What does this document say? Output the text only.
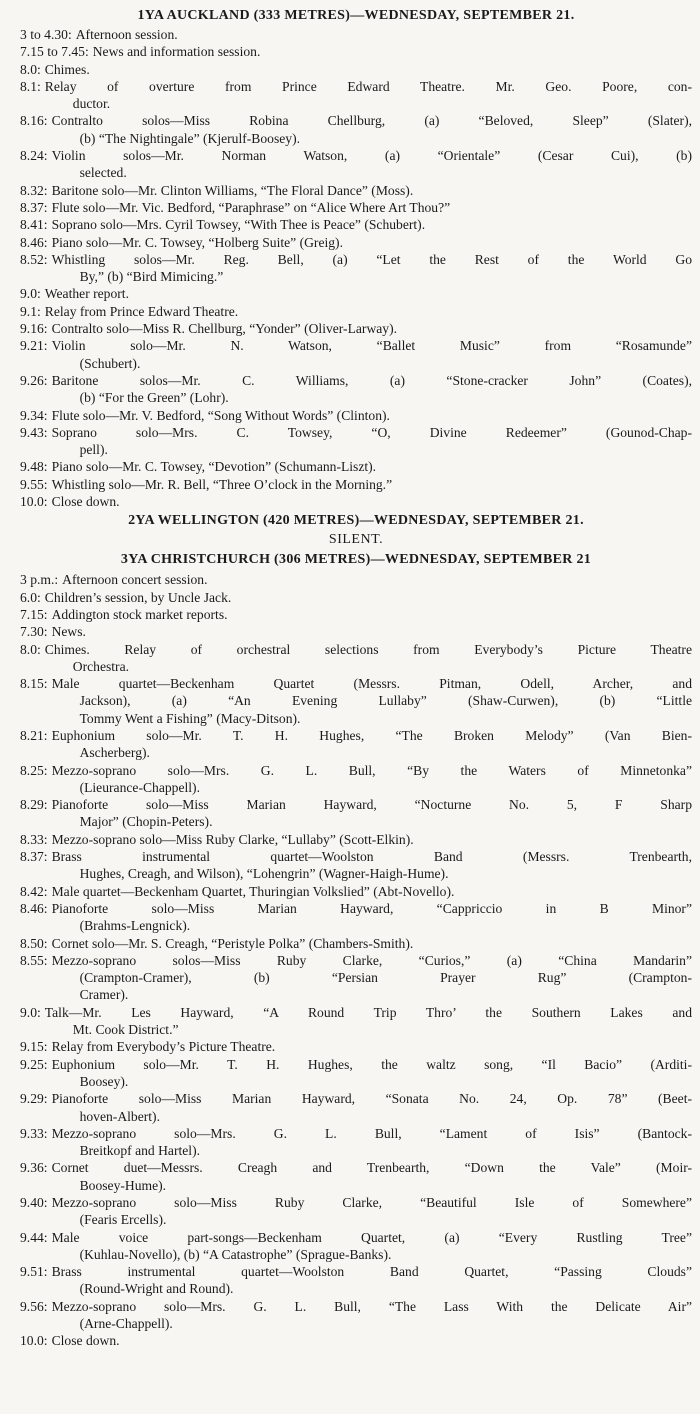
1YA AUCKLAND (333 METRES)—WEDNESDAY, SEPTEMBER 21.
3 to 4.30: Afternoon session.
7.15 to 7.45: News and information session.
8.0: Chimes.
8.1: Relay of overture from Prince Edward Theatre. Mr. Geo. Poore, con-
ductor.
8.16: Contralto solos—Miss Robina Chellburg, (a) “Beloved, Sleep” (Slater),
(b) “The Nightingale” (Kjerulf-Boosey).
8.24: Violin solos—Mr. Norman Watson, (a) “Orientale” (Cesar Cui), (b)
selected.
8.32: Baritone solo—Mr. Clinton Williams, “The Floral Dance” (Moss).
8.37: Flute solo—Mr. Vic. Bedford, “Paraphrase” on “Alice Where Art Thou?”
8.41: Soprano solo—Mrs. Cyril Towsey, “With Thee is Peace” (Schubert).
8.46: Piano solo—Mr. C. Towsey, “Holberg Suite” (Greig).
8.52: Whistling solos—Mr. Reg. Bell, (a) “Let the Rest of the World Go
By,” (b) “Bird Mimicing.”
9.0: Weather report.
9.1: Relay from Prince Edward Theatre.
9.16: Contralto solo—Miss R. Chellburg, “Yonder” (Oliver-Larway).
9.21: Violin solo—Mr. N. Watson, “Ballet Music” from “Rosamunde”
(Schubert).
9.26: Baritone solos—Mr. C. Williams, (a) “Stone-cracker John” (Coates),
(b) “For the Green” (Lohr).
9.34: Flute solo—Mr. V. Bedford, “Song Without Words” (Clinton).
9.43: Soprano solo—Mrs. C. Towsey, “O, Divine Redeemer” (Gounod-Chap-
pell).
9.48: Piano solo—Mr. C. Towsey, “Devotion” (Schumann-Liszt).
9.55: Whistling solo—Mr. R. Bell, “Three O’clock in the Morning.”
10.0: Close down.
2YA WELLINGTON (420 METRES)—WEDNESDAY, SEPTEMBER 21.
SILENT.
3YA CHRISTCHURCH (306 METRES)—WEDNESDAY, SEPTEMBER 21
3 p.m.: Afternoon concert session.
6.0: Children’s session, by Uncle Jack.
7.15: Addington stock market reports.
7.30: News.
8.0: Chimes. Relay of orchestral selections from Everybody’s Picture Theatre
Orchestra.
8.15: Male quartet—Beckenham Quartet (Messrs. Pitman, Odell, Archer, and
Jackson), (a) “An Evening Lullaby” (Shaw-Curwen), (b) “Little
Tommy Went a Fishing” (Macy-Ditson).
8.21: Euphonium solo—Mr. T. H. Hughes, “The Broken Melody” (Van Bien-
Ascherberg).
8.25: Mezzo-soprano solo—Mrs. G. L. Bull, “By the Waters of Minnetonka”
(Lieurance-Chappell).
8.29: Pianoforte solo—Miss Marian Hayward, “Nocturne No. 5, F Sharp
Major” (Chopin-Peters).
8.33: Mezzo-soprano solo—Miss Ruby Clarke, “Lullaby” (Scott-Elkin).
8.37: Brass instrumental quartet—Woolston Band (Messrs. Trenbearth,
Hughes, Creagh, and Wilson), “Lohengrin” (Wagner-Haigh-Hume).
8.42: Male quartet—Beckenham Quartet, Thuringian Volkslied” (Abt-Novello).
8.46: Pianoforte solo—Miss Marian Hayward, “Cappriccio in B Minor”
(Brahms-Lengnick).
8.50: Cornet solo—Mr. S. Creagh, “Peristyle Polka” (Chambers-Smith).
8.55: Mezzo-soprano solos—Miss Ruby Clarke, “Curios,” (a) “China Mandarin”
(Crampton-Cramer), (b) “Persian Prayer Rug” (Crampton-
Cramer).
9.0: Talk—Mr. Les Hayward, “A Round Trip Thro’ the Southern Lakes and
Mt. Cook District.”
9.15: Relay from Everybody’s Picture Theatre.
9.25: Euphonium solo—Mr. T. H. Hughes, the waltz song, “Il Bacio” (Arditi-
Boosey).
9.29: Pianoforte solo—Miss Marian Hayward, “Sonata No. 24, Op. 78” (Beet-
hoven-Albert).
9.33: Mezzo-soprano solo—Mrs. G. L. Bull, “Lament of Isis” (Bantock-
Breitkopf and Hartel).
9.36: Cornet duet—Messrs. Creagh and Trenbearth, “Down the Vale” (Moir-
Boosey-Hume).
9.40: Mezzo-soprano solo—Miss Ruby Clarke, “Beautiful Isle of Somewhere”
(Fearis Ercells).
9.44: Male voice part-songs—Beckenham Quartet, (a) “Every Rustling Tree”
(Kuhlau-Novello), (b) “A Catastrophe” (Sprague-Banks).
9.51: Brass instrumental quartet—Woolston Band Quartet, “Passing Clouds”
(Round-Wright and Round).
9.56: Mezzo-soprano solo—Mrs. G. L. Bull, “The Lass With the Delicate Air”
(Arne-Chappell).
10.0: Close down.
